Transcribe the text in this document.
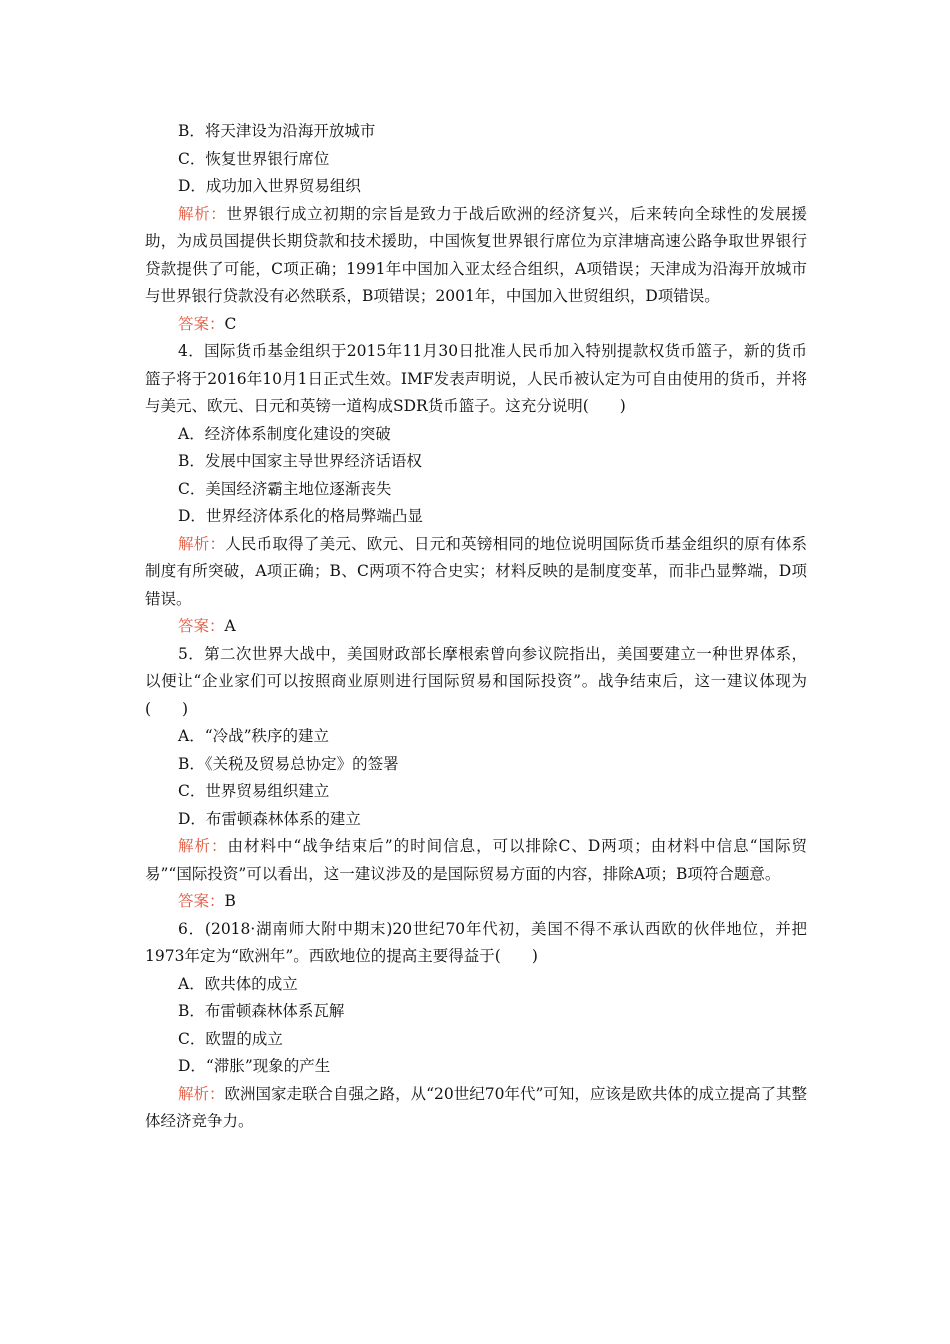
B．将天津设为沿海开放城市

C．恢复世界银行席位

D．成功加入世界贸易组织

解析：世界银行成立初期的宗旨是致力于战后欧洲的经济复兴，后来转向全球性的发展援助，为成员国提供长期贷款和技术援助，中国恢复世界银行席位为京津塘高速公路争取世界银行贷款提供了可能，C项正确；1991年中国加入亚太经合组织，A项错误；天津成为沿海开放城市与世界银行贷款没有必然联系，B项错误；2001年，中国加入世贸组织，D项错误。

答案：C

4．国际货币基金组织于2015年11月30日批准人民币加入特别提款权货币篮子，新的货币篮子将于2016年10月1日正式生效。IMF发表声明说，人民币被认定为可自由使用的货币，并将与美元、欧元、日元和英镑一道构成SDR货币篮子。这充分说明(　　)

A．经济体系制度化建设的突破

B．发展中国家主导世界经济话语权

C．美国经济霸主地位逐渐丧失

D．世界经济体系化的格局弊端凸显

解析：人民币取得了美元、欧元、日元和英镑相同的地位说明国际货币基金组织的原有体系制度有所突破，A项正确；B、C两项不符合史实；材料反映的是制度变革，而非凸显弊端，D项错误。

答案：A

5．第二次世界大战中，美国财政部长摩根索曾向参议院指出，美国要建立一种世界体系，以便让“企业家们可以按照商业原则进行国际贸易和国际投资”。战争结束后，这一建议体现为(　　)

A．“冷战”秩序的建立

B．《关税及贸易总协定》的签署

C．世界贸易组织建立

D．布雷顿森林体系的建立

解析：由材料中“战争结束后”的时间信息，可以排除C、D两项；由材料中信息“国际贸易”“国际投资”可以看出，这一建议涉及的是国际贸易方面的内容，排除A项；B项符合题意。

答案：B

6．(2018·湖南师大附中期末)20世纪70年代初，美国不得不承认西欧的伙伴地位，并把1973年定为“欧洲年”。西欧地位的提高主要得益于(　　)

A．欧共体的成立

B．布雷顿森林体系瓦解

C．欧盟的成立

D．“滞胀”现象的产生

解析：欧洲国家走联合自强之路，从“20世纪70年代”可知，应该是欧共体的成立提高了其整体经济竞争力。
